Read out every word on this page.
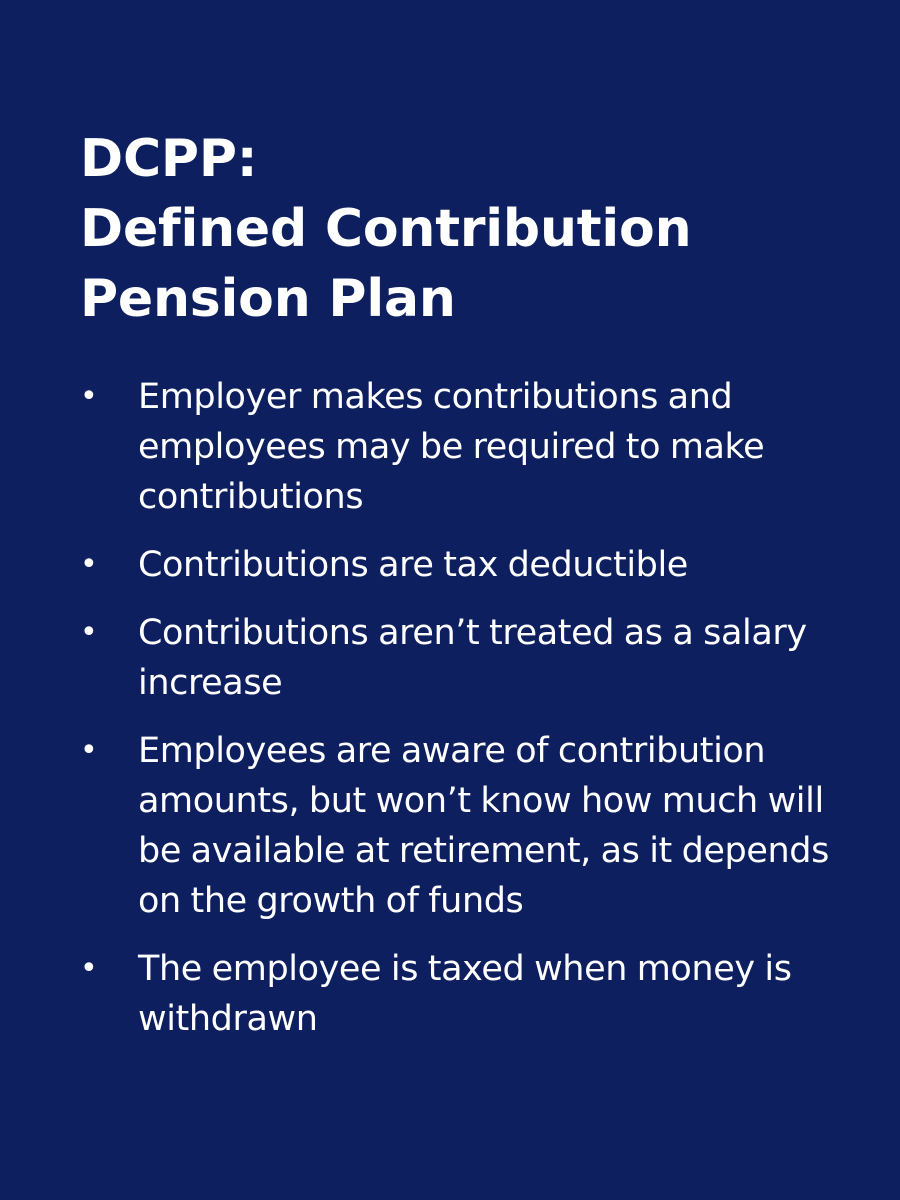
DCPP:
Defined Contribution
Pension Plan
• Employer makes contributions and employees may be required to make contributions
• Contributions are tax deductible
• Contributions aren’t treated as a salary increase
• Employees are aware of contribution amounts, but won’t know how much will be available at retirement, as it depends on the growth of funds
• The employee is taxed when money is withdrawn
